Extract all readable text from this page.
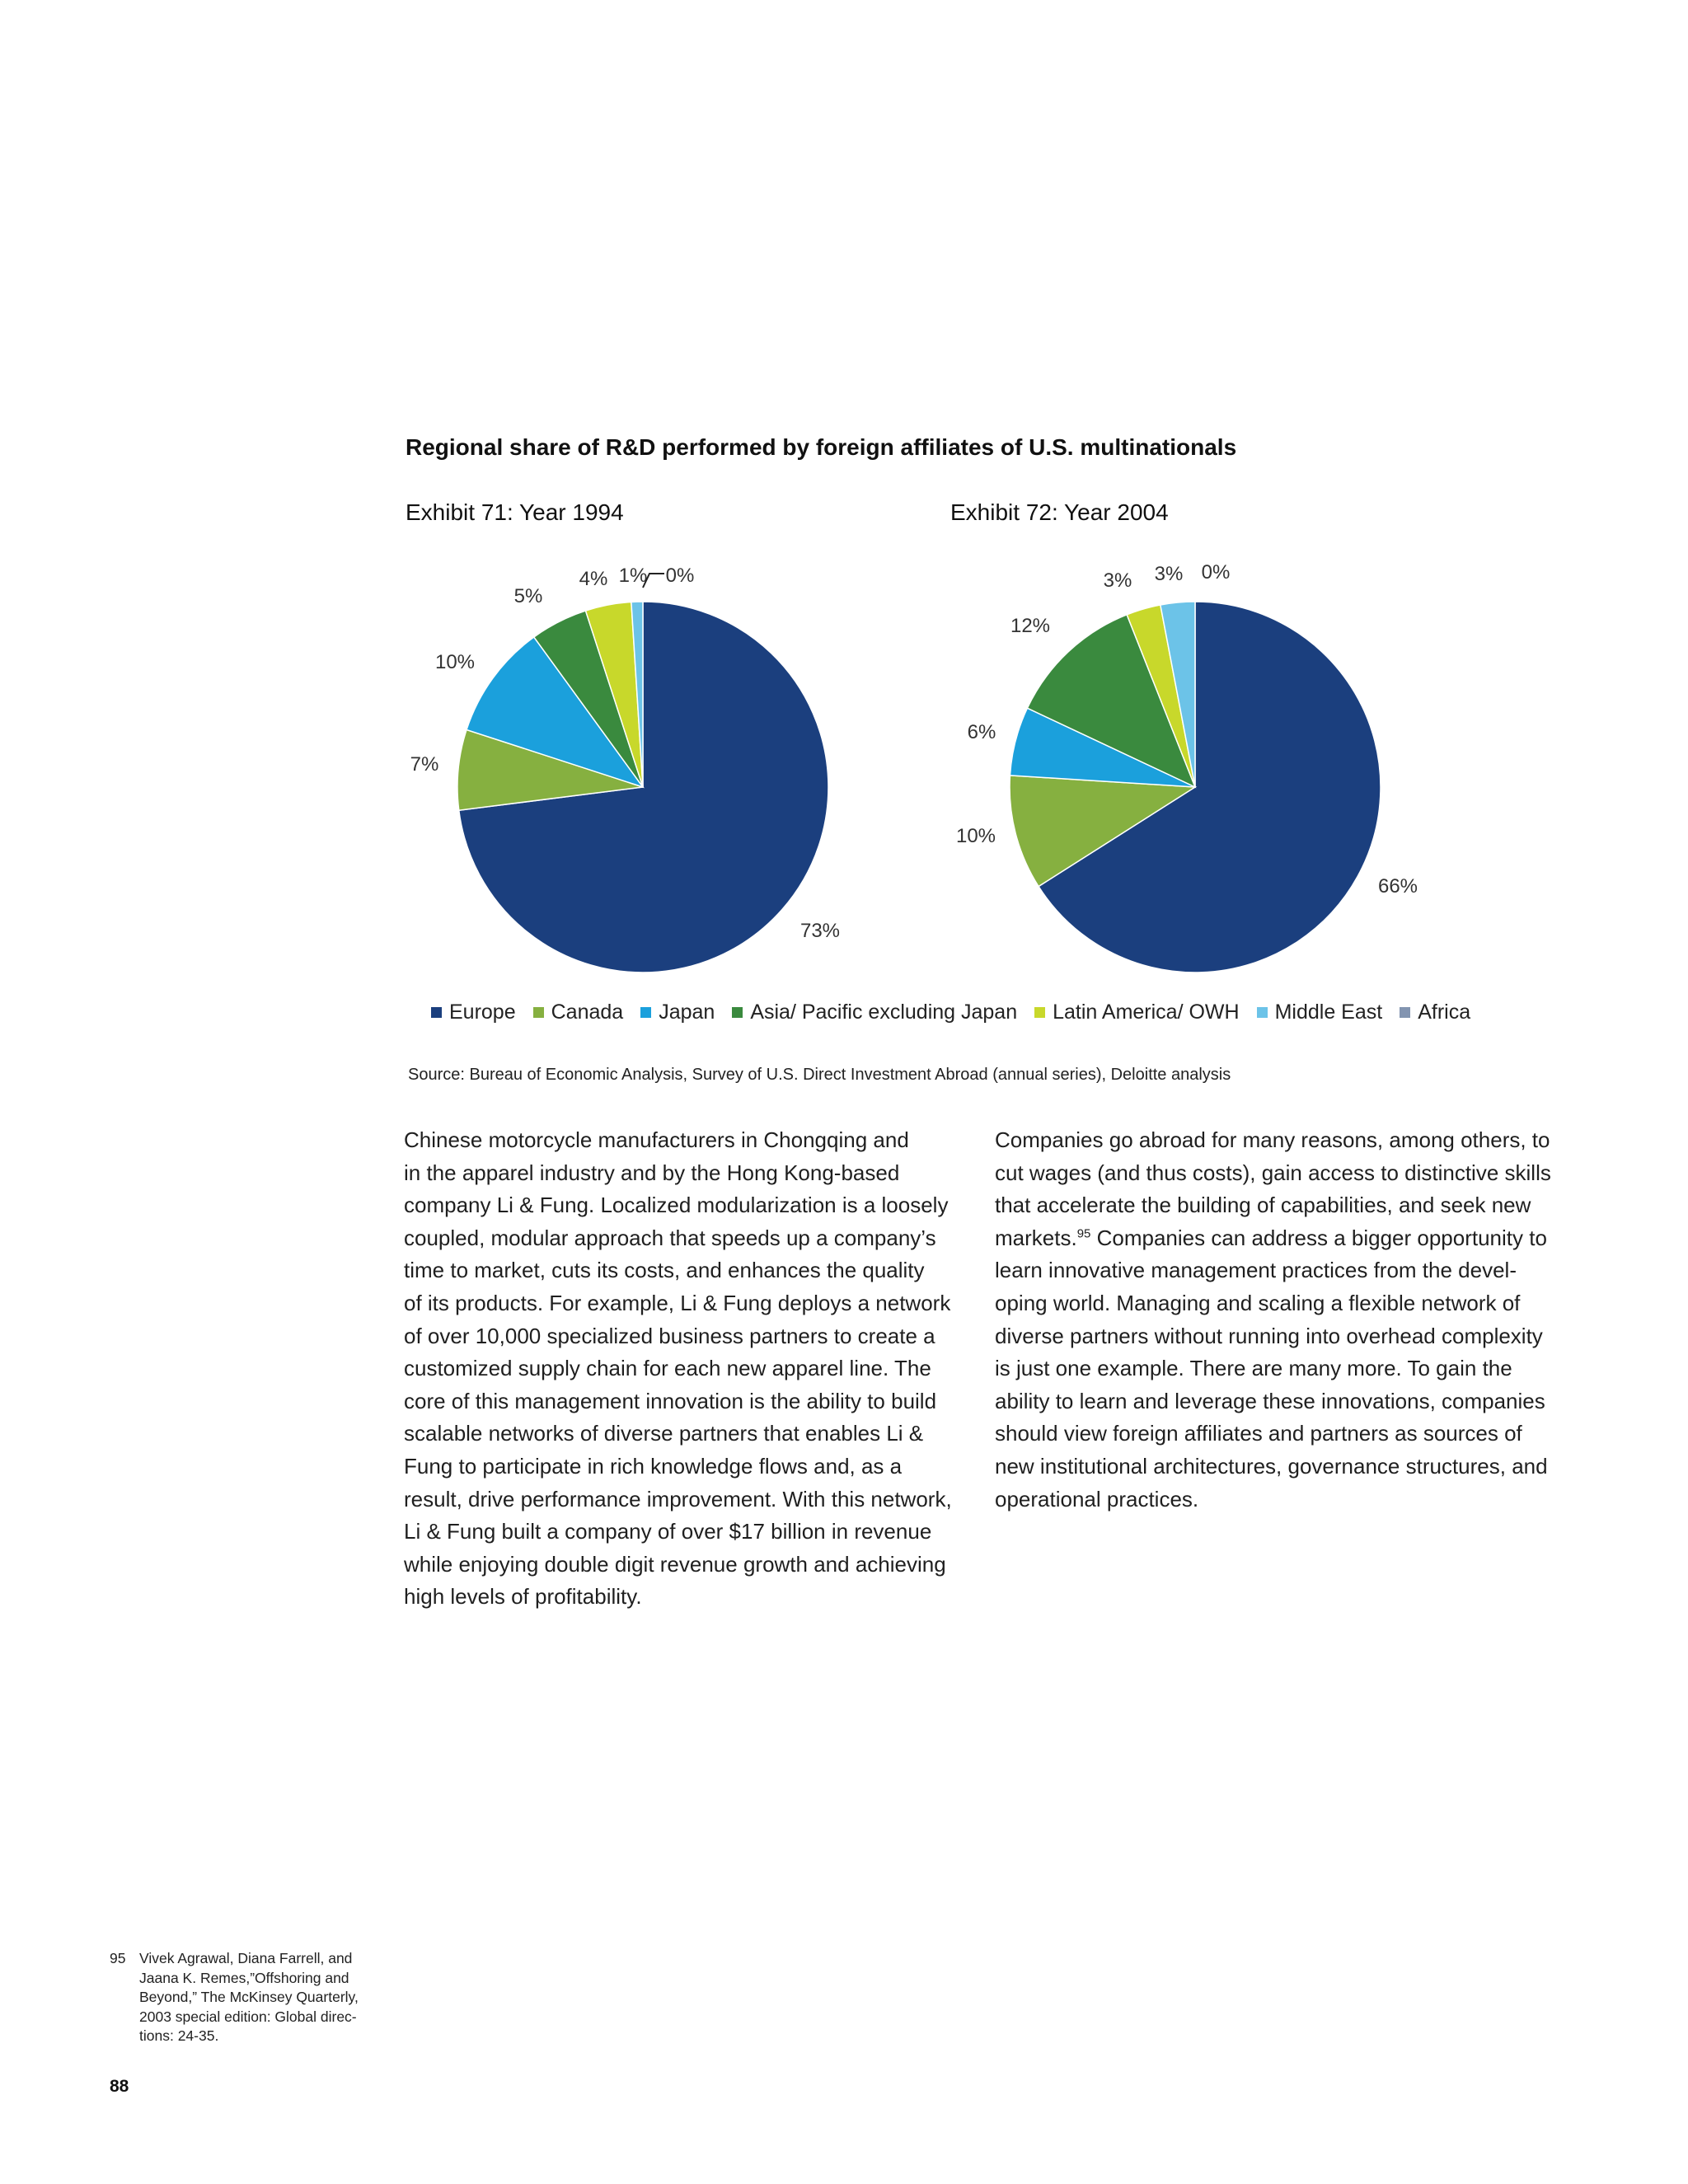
Regional share of R&D performed by foreign affiliates of U.S. multinationals
Exhibit 71: Year 1994	Exhibit 72: Year 2004
73%
7%
10%
5%
4% 1% 0%
66%
10%
6%
12%
3% 3% 0%
Europe Canada Japan Asia/ Pacific excluding Japan Latin America/ OWH Middle East Africa
Source: Bureau of Economic Analysis, Survey of U.S. Direct Investment Abroad (annual series), Deloitte analysis
Chinese motorcycle manufacturers in Chongqing and
in the apparel industry and by the Hong Kong-based
company Li & Fung. Localized modularization is a loosely
coupled, modular approach that speeds up a company’s
time to market, cuts its costs, and enhances the quality
of its products. For example, Li & Fung deploys a network
of over 10,000 specialized business partners to create a
customized supply chain for each new apparel line. The
core of this management innovation is the ability to build
scalable networks of diverse partners that enables Li &
Fung to participate in rich knowledge flows and, as a
result, drive performance improvement. With this network,
Li & Fung built a company of over $17 billion in revenue
while enjoying double digit revenue growth and achieving
high levels of profitability.
Companies go abroad for many reasons, among others, to
cut wages (and thus costs), gain access to distinctive skills
that accelerate the building of capabilities, and seek new
markets.$^{95}$ Companies can address a bigger opportunity to
learn innovative management practices from the devel-
oping world. Managing and scaling a flexible network of
diverse partners without running into overhead complexity
is just one example. There are many more. To gain the
ability to learn and leverage these innovations, companies
should view foreign affiliates and partners as sources of
new institutional architectures, governance structures, and
operational practices.
95 Vivek Agrawal, Diana Farrell, and
Jaana K. Remes,”Offshoring and
Beyond,” The McKinsey Quarterly,
2003 special edition: Global direc-
tions: 24-35.
88
